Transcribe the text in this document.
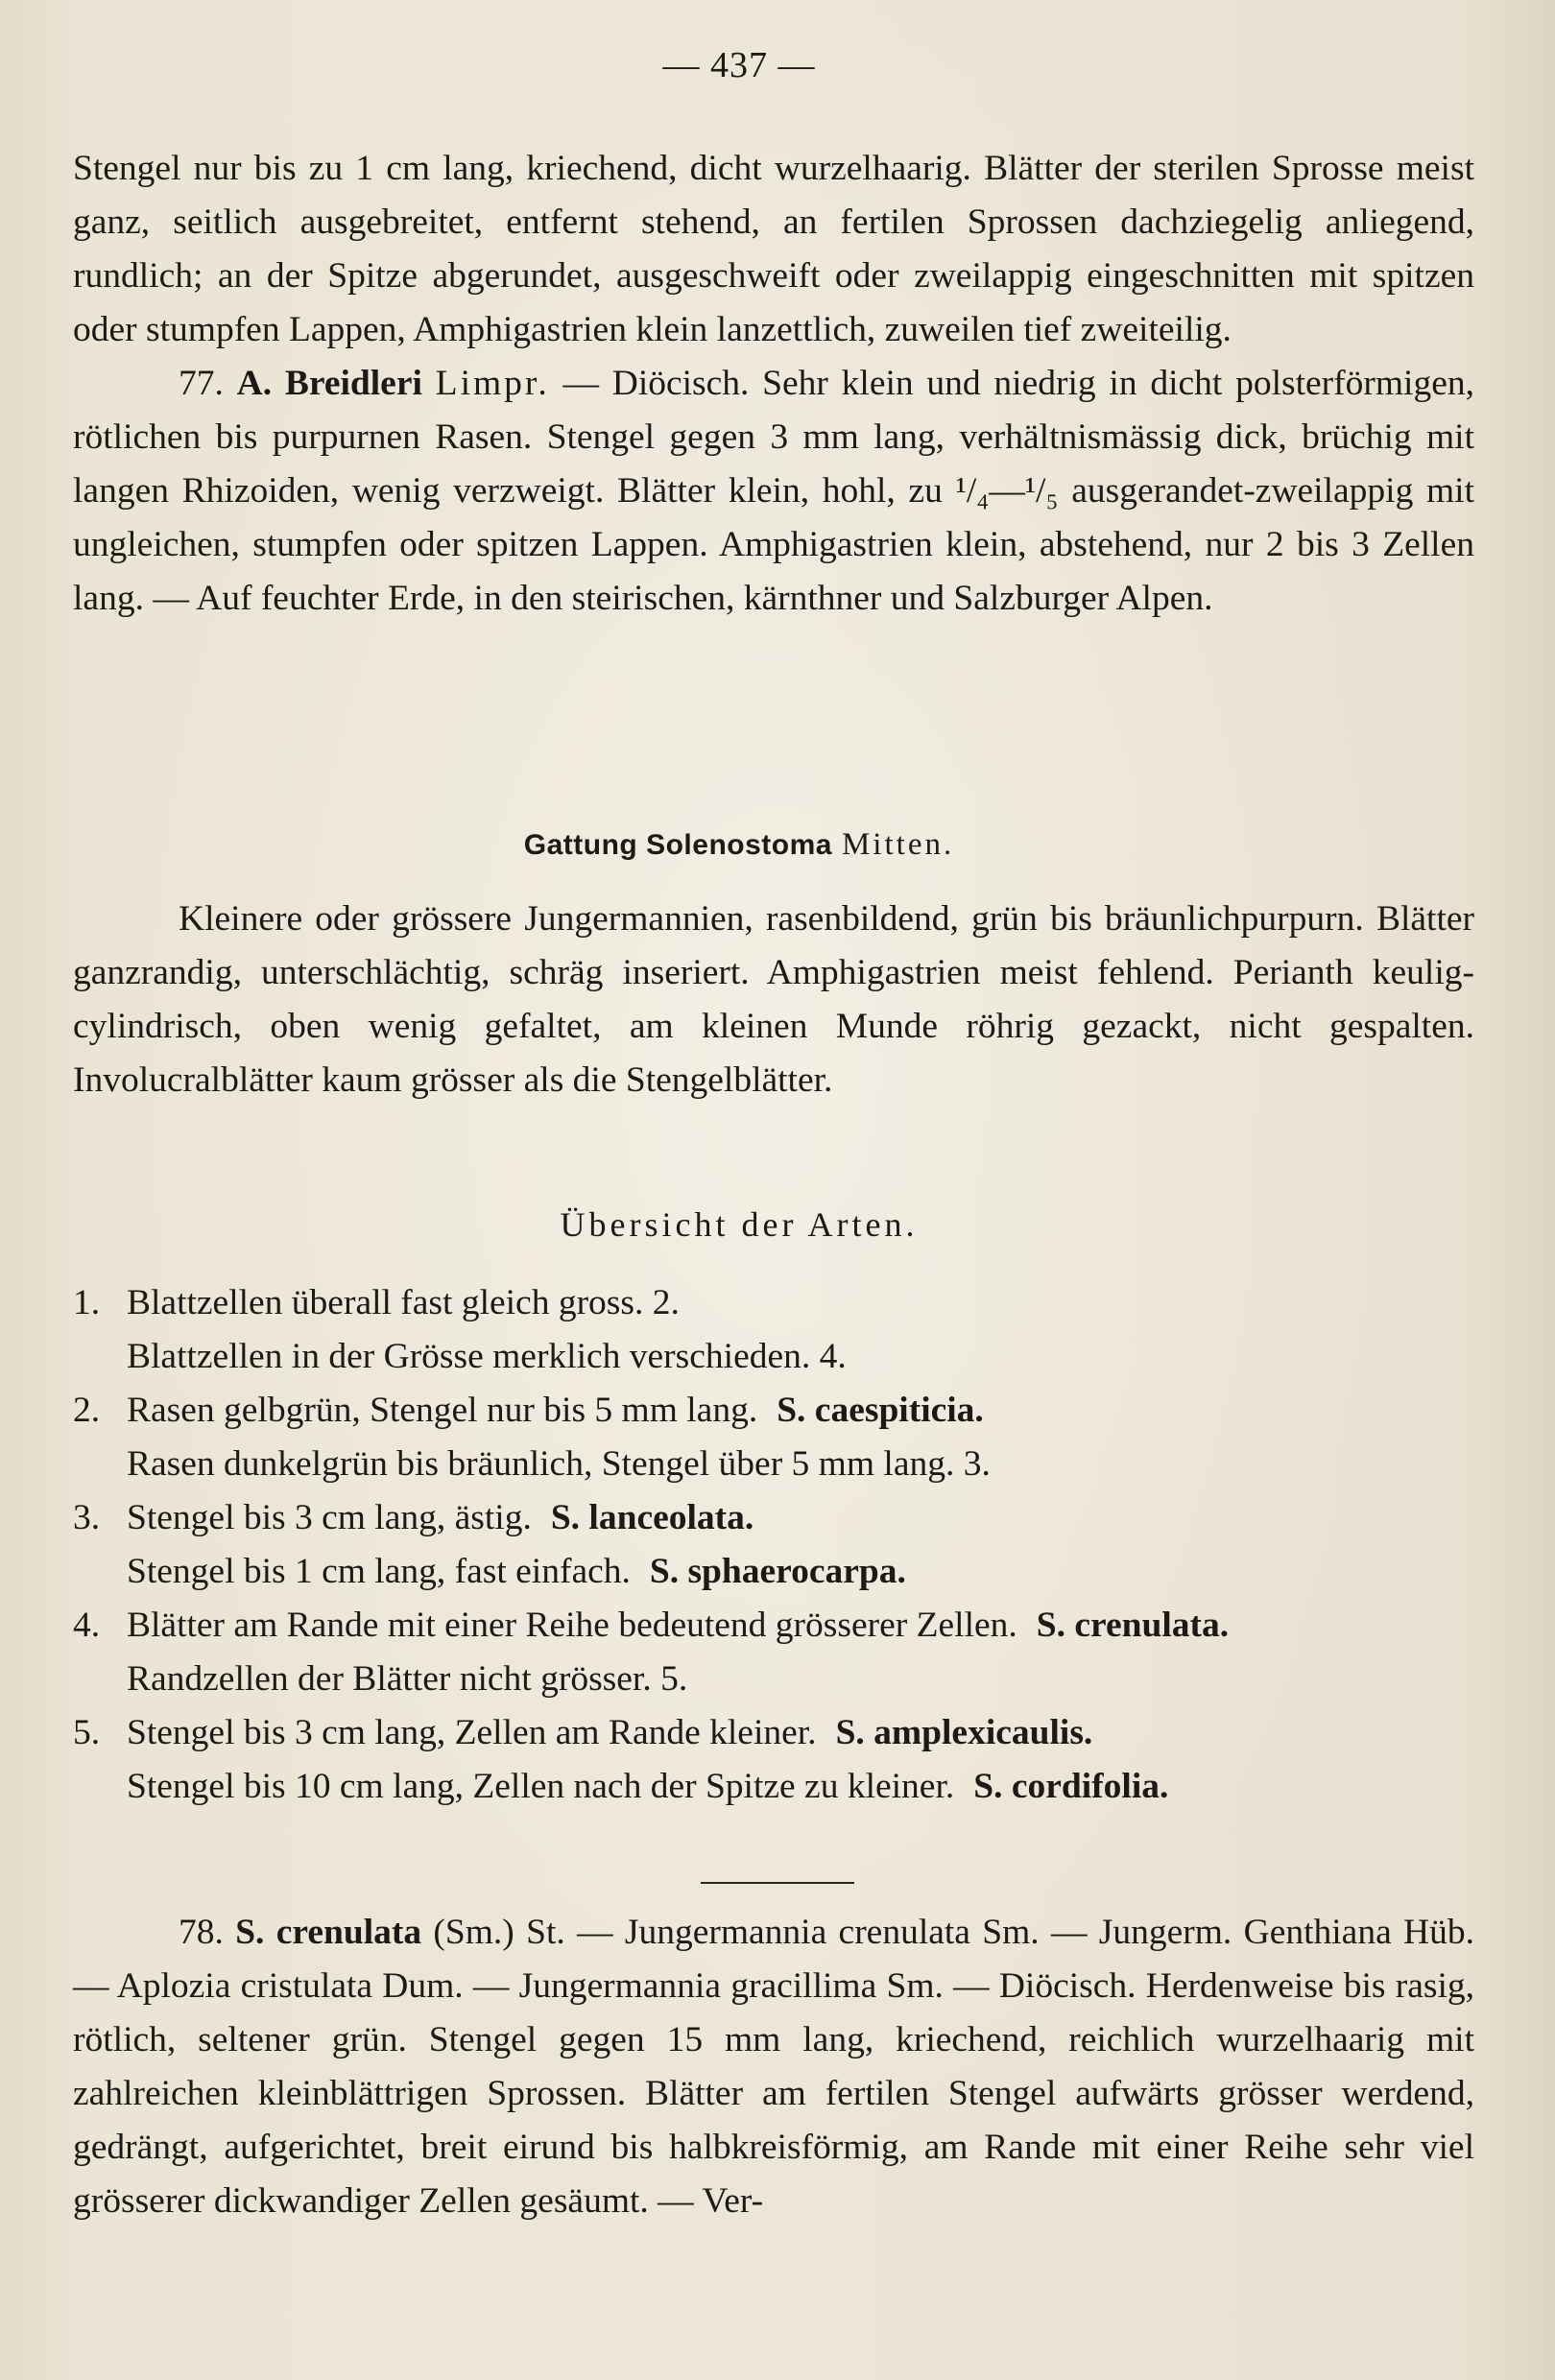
— 437 —

Stengel nur bis zu 1 cm lang, kriechend, dicht wurzelhaarig. Blätter der sterilen Sprosse meist ganz, seitlich ausgebreitet, entfernt stehend, an fertilen Sprossen dachziegelig anliegend, rundlich; an der Spitze abgerundet, ausgeschweift oder zweilappig eingeschnitten mit spitzen oder stumpfen Lappen, Amphigastrien klein lanzettlich, zuweilen tief zweiteilig.

77. A. Breidleri Limpr. — Diöcisch. Sehr klein und niedrig in dicht polsterförmigen, rötlichen bis purpurnen Rasen. Stengel gegen 3 mm lang, verhältnismässig dick, brüchig mit langen Rhizoiden, wenig verzweigt. Blätter klein, hohl, zu ¹/₄—¹/₅ ausgerandet-zweilappig mit ungleichen, stumpfen oder spitzen Lappen. Amphigastrien klein, abstehend, nur 2 bis 3 Zellen lang. — Auf feuchter Erde, in den steirischen, kärnthner und Salzburger Alpen.

Gattung Solenostoma Mitten.

Kleinere oder grössere Jungermannien, rasenbildend, grün bis bräunlichpurpurn. Blätter ganzrandig, unterschlächtig, schräg inseriert. Amphigastrien meist fehlend. Perianth keulig-cylindrisch, oben wenig gefaltet, am kleinen Munde röhrig gezackt, nicht gespalten. Involucralblätter kaum grösser als die Stengelblätter.

Übersicht der Arten.
1. Blattzellen überall fast gleich gross. 2.
Blattzellen in der Grösse merklich verschieden. 4.
2. Rasen gelbgrün, Stengel nur bis 5 mm lang. S. caespiticia.
Rasen dunkelgrün bis bräunlich, Stengel über 5 mm lang. 3.
3. Stengel bis 3 cm lang, ästig. S. lanceolata.
Stengel bis 1 cm lang, fast einfach. S. sphaerocarpa.
4. Blätter am Rande mit einer Reihe bedeutend grösserer Zellen. S. crenulata.
Randzellen der Blätter nicht grösser. 5.
5. Stengel bis 3 cm lang, Zellen am Rande kleiner. S. amplexicaulis.
Stengel bis 10 cm lang, Zellen nach der Spitze zu kleiner. S. cordifolia.

78. S. crenulata (Sm.) St. — Jungermannia crenulata Sm. — Jungerm. Genthiana Hüb. — Aplozia cristulata Dum. — Jungermannia gracillima Sm. — Diöcisch. Herdenweise bis rasig, rötlich, seltener grün. Stengel gegen 15 mm lang, kriechend, reichlich wurzelhaarig mit zahlreichen kleinblättrigen Sprossen. Blätter am fertilen Stengel aufwärts grösser werdend, gedrängt, aufgerichtet, breit eirund bis halbkreisförmig, am Rande mit einer Reihe sehr viel grösserer dickwandiger Zellen gesäumt. — Ver-
